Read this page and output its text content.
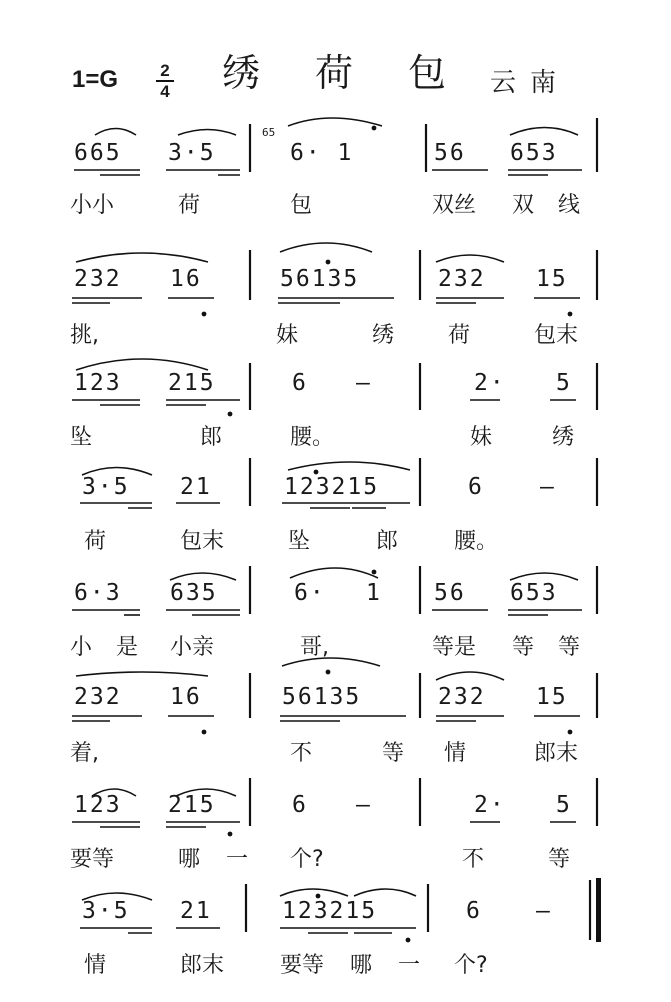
1=G 2
4 绣 荷 包 云南
665 3·5
65
6· 1	56 653
小小	荷	包	双丝 双 线
232 16	56135	232 15
挑,	妹	绣 荷	包末
123 215	6 —	2· 5
坠	郎	腰。	妹	绣
3·5 21	123215	6 —
荷	包末	坠	郎	腰。
6·3 635	6· 1 56 653
小 是 小亲	哥,	等是 等 等
232 16	56135	232 15
着,	不	等 情	郎末
123 215	6 —	2· 5
要等	哪 一 个?	不	等
3·5 21	123215	6 —
情	郎末	要等 哪 一 个?
